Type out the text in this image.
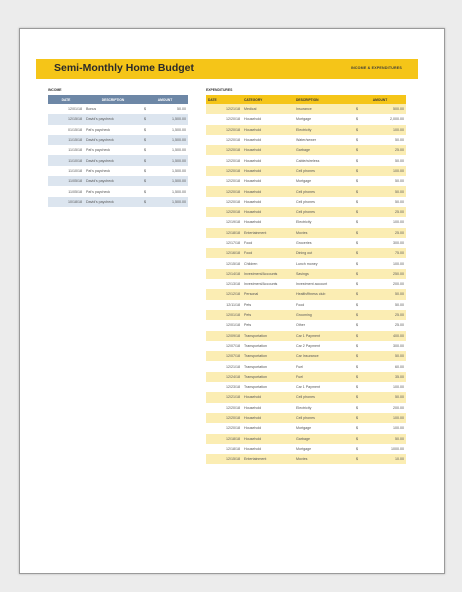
Semi-Monthly Home Budget	INCOME & EXPENDITURES
INCOME	EXPENDITURES
DATE	DESCRIPTION	AMOUNT	
12/01/18	Bonus	$	50.00
12/15/18	David's paycheck	$	1,500.00
01/15/18	Pat's paycheck	$	1,500.00
11/15/18	David's paycheck	$	1,500.00
11/15/18	Pat's paycheck	$	1,500.00
11/10/18	David's paycheck	$	1,500.00
11/10/18	Pat's paycheck	$	1,500.00
11/05/18	David's paycheck	$	1,500.00
11/05/18	Pat's paycheck	$	1,500.00
10/18/18	David's paycheck	$	1,500.00
DATE	CATEGORY	DESCRIPTION	AMOUNT	
12/21/18	Medical	Insurance	$	500.00
12/20/18	Household	Mortgage	$	2,000.00
12/20/18	Household	Electricity	$	100.00
12/20/18	Household	Water/sewer	$	50.00
12/20/18	Household	Garbage	$	25.00
12/20/18	Household	Cable/wireless	$	50.00
12/20/18	Household	Cell phones	$	100.00
12/20/18	Household	Mortgage	$	50.00
12/20/18	Household	Cell phones	$	50.00
12/20/18	Household	Cell phones	$	50.00
12/20/18	Household	Cell phones	$	25.00
12/19/18	Household	Electricity	$	100.00
12/18/18	Entertainment	Movies	$	25.00
12/17/18	Food	Groceries	$	300.00
12/16/18	Food	Dining out	$	75.00
12/15/18	Children	Lunch money	$	100.00
12/14/18	Investment/Accounts	Savings	$	250.00
12/13/18	Investment/Accounts	Investment account	$	200.00
12/12/18	Personal	Health/fitness club	$	50.00
12/11/18	Pets	Food	$	50.00
12/01/18	Pets	Grooming	$	25.00
12/01/18	Pets	Other	$	25.00
12/09/18	Transportation	Car 1 Payment	$	400.00
12/07/18	Transportation	Car 2 Payment	$	300.00
12/07/18	Transportation	Car Insurance	$	50.00
12/21/18	Transportation	Fuel	$	60.00
12/24/18	Transportation	Fuel	$	35.00
12/23/18	Transportation	Car 1 Payment	$	100.00
12/21/18	Household	Cell phones	$	50.00
12/20/18	Household	Electricity	$	200.00
12/20/18	Household	Cell phones	$	100.00
12/20/18	Household	Mortgage	$	100.00
12/18/18	Household	Garbage	$	50.00
12/18/18	Household	Mortgage	$	1000.00
12/15/18	Entertainment	Movies	$	10.00
